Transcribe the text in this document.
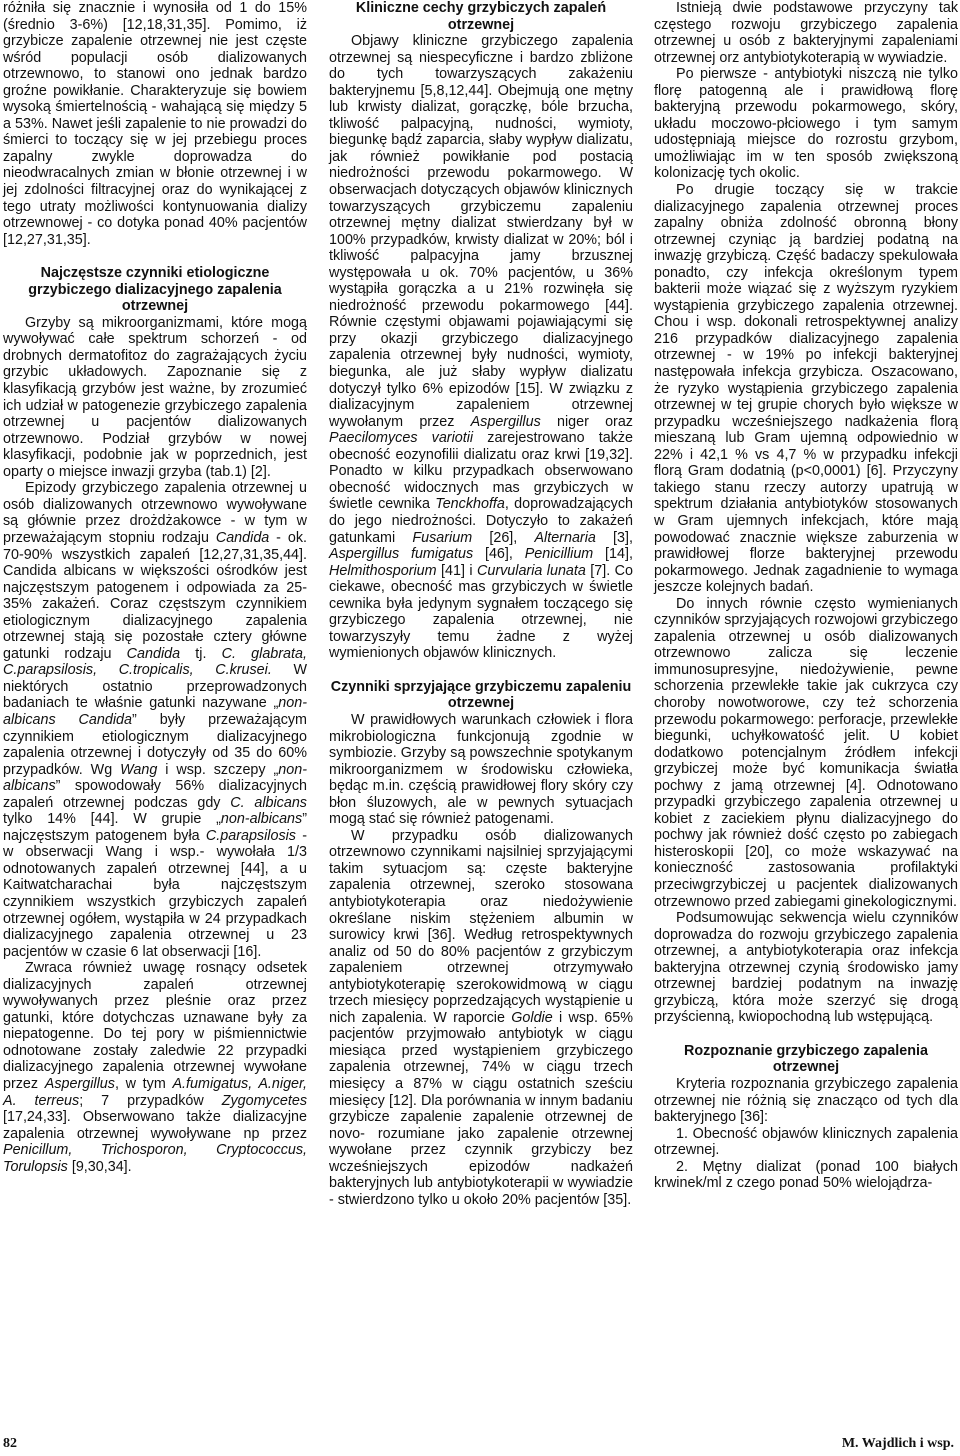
różniła się znacznie i wynosiła od 1 do 15% (średnio 3-6%) [12,18,31,35]. Pomimo, iż grzybicze zapalenie otrzewnej nie jest częste wśród populacji osób dializowanych otrzewnowo, to stanowi ono jednak bardzo groźne powikłanie. Charakteryzuje się bowiem wysoką śmiertelnością - wahającą się między 5 a 53%. Nawet jeśli zapalenie to nie prowadzi do śmierci to toczący się w jej przebiegu proces zapalny zwykle doprowadza do nieodwracalnych zmian w błonie otrzewnej i w jej zdolności filtracyjnej oraz do wynikającej z tego utraty możliwości kontynuowania dializy otrzewnowej - co dotyka ponad 40% pacjentów [12,27,31,35].

Najczęstsze czynniki etiologiczne grzybiczego dializacyjnego zapalenia otrzewnej

Grzyby są mikroorganizmami, które mogą wywoływać całe spektrum schorzeń - od drobnych dermatofitoz do zagrażających życiu grzybic układowych. Zapoznanie się z klasyfikacją grzybów jest ważne, by zrozumieć ich udział w patogenezie grzybiczego zapalenia otrzewnej u pacjentów dializowanych otrzewnowo. Podział grzybów w nowej klasyfikacji, podobnie jak w poprzednich, jest oparty o miejsce inwazji grzyba (tab.1) [2].

Epizody grzybiczego zapalenia otrzewnej u osób dializowanych otrzewnowo wywoływane są głównie przez drożdżakowce - w tym w przeważającym stopniu rodzaju Candida - ok. 70-90% wszystkich zapaleń [12,27,31,35,44]. Candida albicans w większości ośrodków jest najczęstszym patogenem i odpowiada za 25-35% zakażeń. Coraz częstszym czynnikiem etiologicznym dializacyjnego zapalenia otrzewnej stają się pozostałe cztery główne gatunki rodzaju Candida tj. C. glabrata, C.parapsilosis, C.tropicalis, C.krusei. W niektórych ostatnio przeprowadzonych badaniach te właśnie gatunki nazywane „non-albicans Candida” były przeważającym czynnikiem etiologicznym dializacyjnego zapalenia otrzewnej i dotyczyły od 35 do 60% przypadków. Wg Wang i wsp. szczepy „non-albicans” spowodowały 56% dializacyjnych zapaleń otrzewnej podczas gdy C. albicans tylko 14% [44]. W grupie „non-albicans” najczęstszym patogenem była C.parapsilosis - w obserwacji Wang i wsp.- wywołała 1/3 odnotowanych zapaleń otrzewnej [44], a u Kaitwatcharachai była najczęstszym czynnikiem wszystkich grzybiczych zapaleń otrzewnej ogółem, wystąpiła w 24 przypadkach dializacyjnego zapalenia otrzewnej u 23 pacjentów w czasie 6 lat obserwacji [16].

Zwraca również uwagę rosnący odsetek dializacyjnych zapaleń otrzewnej wywoływanych przez pleśnie oraz przez gatunki, które dotychczas uznawane były za niepatogenne. Do tej pory w piśmiennictwie odnotowane zostały zaledwie 22 przypadki dializacyjnego zapalenia otrzewnej wywołane przez Aspergillus, w tym A.fumigatus, A.niger, A. terreus; 7 przypadków Zygomycetes [17,24,33]. Obserwowano także dializacyjne zapalenia otrzewnej wywoływane np przez Penicillum, Trichosporon, Cryptococcus, Torulopsis [9,30,34].

Kliniczne cechy grzybiczych zapaleń otrzewnej

Objawy kliniczne grzybiczego zapalenia otrzewnej są niespecyficzne i bardzo zbliżone do tych towarzyszących zakażeniu bakteryjnemu [5,8,12,44]. Obejmują one mętny lub krwisty dializat, gorączkę, bóle brzucha, tkliwość palpacyjną, nudności, wymioty, biegunkę bądź zaparcia, słaby wypływ dializatu, jak również powikłanie pod postacią niedrożności przewodu pokarmowego. W obserwacjach dotyczących objawów klinicznych towarzyszących grzybiczemu zapaleniu otrzewnej mętny dializat stwierdzany był w 100% przypadków, krwisty dializat w 20%; ból i tkliwość palpacyjna jamy brzusznej występowała u ok. 70% pacjentów, u 36% wystąpiła gorączka a u 21% rozwinęła się niedrożność przewodu pokarmowego [44]. Równie częstymi objawami pojawiającymi się przy okazji grzybiczego dializacyjnego zapalenia otrzewnej były nudności, wymioty, biegunka, ale już słaby wypływ dializatu dotyczył tylko 6% epizodów [15]. W związku z dializacyjnym zapaleniem otrzewnej wywołanym przez Aspergillus niger oraz Paecilomyces variotii zarejestrowano także obecność eozynofilii dializatu oraz krwi [19,32]. Ponadto w kilku przypadkach obserwowano obecność widocznych mas grzybiczych w świetle cewnika Tenckhoffa, doprowadzających do jego niedrożności. Dotyczyło to zakażeń gatunkami Fusarium [26], Alternaria [3], Aspergillus fumigatus [46], Penicillium [14], Helmithosporium [41] i Curvularia lunata [7]. Co ciekawe, obecność mas grzybiczych w świetle cewnika była jedynym sygnałem toczącego się grzybiczego zapalenia otrzewnej, nie towarzyszyły temu żadne z wyżej wymienionych objawów klinicznych.

Czynniki sprzyjające grzybiczemu zapaleniu otrzewnej

W prawidłowych warunkach człowiek i flora mikrobiologiczna funkcjonują zgodnie w symbiozie. Grzyby są powszechnie spotykanym mikroorganizmem w środowisku człowieka, będąc m.in. częścią prawidłowej flory skóry czy błon śluzowych, ale w pewnych sytuacjach mogą stać się również patogenami.

W przypadku osób dializowanych otrzewnowo czynnikami najsilniej sprzyjającymi takim sytuacjom są: częste bakteryjne zapalenia otrzewnej, szeroko stosowana antybiotykoterapia oraz niedożywienie określane niskim stężeniem albumin w surowicy krwi [36]. Według retrospektywnych analiz od 50 do 80% pacjentów z grzybiczym zapaleniem otrzewnej otrzymywało antybiotykoterapię szerokowidmową w ciągu trzech miesięcy poprzedzających wystąpienie u nich zapalenia. W raporcie Goldie i wsp. 65% pacjentów przyjmowało antybiotyk w ciągu miesiąca przed wystąpieniem grzybiczego zapalenia otrzewnej, 74% w ciągu trzech miesięcy a 87% w ciągu ostatnich sześciu miesięcy [12]. Dla porównania w innym badaniu grzybicze zapalenie zapalenie otrzewnej de novo- rozumiane jako zapalenie otrzewnej wywołane przez czynnik grzybiczy bez wcześniejszych epizodów nadkażeń bakteryjnych lub antybiotykoterapii w wywiadzie - stwierdzono tylko u około 20% pacjentów [35].

Istnieją dwie podstawowe przyczyny tak częstego rozwoju grzybiczego zapalenia otrzewnej u osób z bakteryjnymi zapaleniami otrzewnej orz antybiotykoterapią w wywiadzie.

Po pierwsze - antybiotyki niszczą nie tylko florę patogenną ale i prawidłową florę bakteryjną przewodu pokarmowego, skóry, układu moczowo-płciowego i tym samym udostępniają miejsce do rozrostu grzybom, umożliwiając im w ten sposób zwiększoną kolonizację tych okolic.

Po drugie toczący się w trakcie dializacyjnego zapalenia otrzewnej proces zapalny obniża zdolność obronną błony otrzewnej czyniąc ją bardziej podatną na inwazję grzybiczą. Część badaczy spekulowała ponadto, czy infekcja określonym typem bakterii może wiązać się z wyższym ryzykiem wystąpienia grzybiczego zapalenia otrzewnej. Chou i wsp. dokonali retrospektywnej analizy 216 przypadków dializacyjnego zapalenia otrzewnej - w 19% po infekcji bakteryjnej następowała infekcja grzybicza. Oszacowano, że ryzyko wystąpienia grzybiczego zapalenia otrzewnej w tej grupie chorych było większe w przypadku wcześniejszego nadkażenia florą mieszaną lub Gram ujemną odpowiednio w 22% i 42,1 % vs 4,7 % w przypadku infekcji florą Gram dodatnią (p<0,0001) [6]. Przyczyny takiego stanu rzeczy autorzy upatrują w spektrum działania antybiotyków stosowanych w Gram ujemnych infekcjach, które mają powodować znacznie większe zaburzenia w prawidłowej florze bakteryjnej przewodu pokarmowego. Jednak zagadnienie to wymaga jeszcze kolejnych badań.

Do innych równie często wymienianych czynników sprzyjających rozwojowi grzybiczego zapalenia otrzewnej u osób dializowanych otrzewnowo zalicza się leczenie immunosupresyjne, niedożywienie, pewne schorzenia przewlekłe takie jak cukrzyca czy choroby nowotworowe, czy też schorzenia przewodu pokarmowego: perforacje, przewlekłe biegunki, uchyłkowatość jelit. U kobiet dodatkowo potencjalnym źródłem infekcji grzybiczej może być komunikacja światła pochwy z jamą otrzewnej [4]. Odnotowano przypadki grzybiczego zapalenia otrzewnej u kobiet z zaciekiem płynu dializacyjnego do pochwy jak również dość często po zabiegach histeroskopii [20], co może wskazywać na konieczność zastosowania profilaktyki przeciwgrzybiczej u pacjentek dializowanych otrzewnowo przed zabiegami ginekologicznymi.

Podsumowując sekwencja wielu czynników doprowadza do rozwoju grzybiczego zapalenia otrzewnej, a antybiotykoterapia oraz infekcja bakteryjna otrzewnej czynią środowisko jamy otrzewnej bardziej podatnym na inwazję grzybiczą, która może szerzyć się drogą przyścienną, kwiopochodną lub wstępującą.

Rozpoznanie grzybiczego zapalenia otrzewnej

Kryteria rozpoznania grzybiczego zapalenia otrzewnej nie różnią się znacząco od tych dla bakteryjnego [36]:

1. Obecność objawów klinicznych zapalenia otrzewnej.

2. Mętny dializat (ponad 100 białych krwinek/ml z czego ponad 50% wielojądrza-

82	M. Wajdlich i wsp.
